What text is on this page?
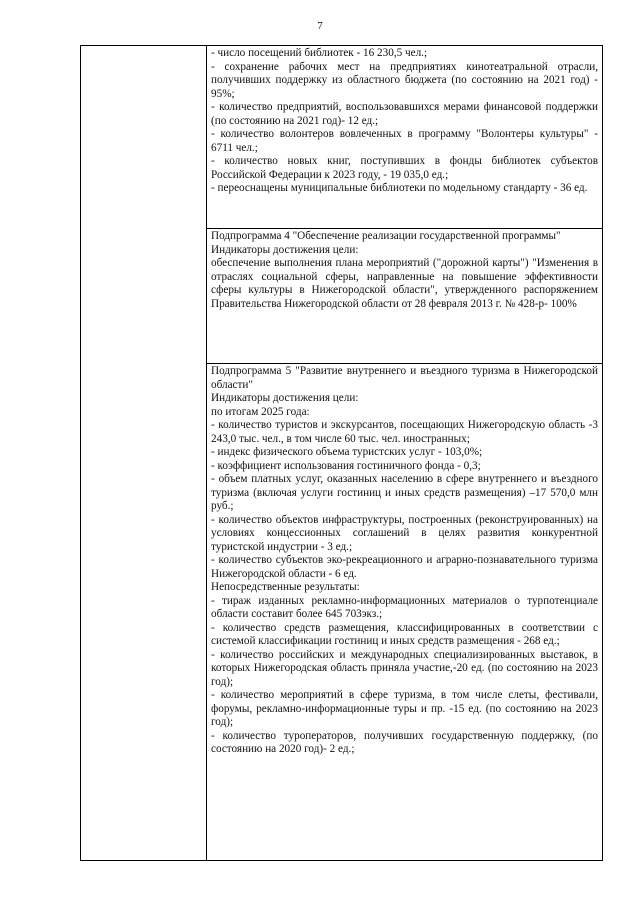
7

- число посещений библиотек - 16 230,5 чел.;
- сохранение рабочих мест на предприятиях кинотеатральной отрасли, получивших поддержку из областного бюджета (по состоянию на 2021 год) - 95%;
- количество предприятий, воспользовавшихся мерами финансовой поддержки (по состоянию на 2021 год)- 12 ед.;
- количество волонтеров вовлеченных в программу "Волонтеры культуры" - 6711 чел.;
- количество новых книг, поступивших в фонды библиотек субъектов Российской Федерации к 2023 году, - 19 035,0 ед.;
- переоснащены муниципальные библиотеки по модельному стандарту - 36 ед.

Подпрограмма 4 "Обеспечение реализации государственной программы"
Индикаторы достижения цели:
обеспечение выполнения плана мероприятий ("дорожной карты") "Изменения в отраслях социальной сферы, направленные на повышение эффективности сферы культуры в Нижегородской области", утвержденного распоряжением Правительства Нижегородской области от 28 февраля 2013 г. № 428-р- 100%

Подпрограмма 5 "Развитие внутреннего и въездного туризма в Нижегородской области"
Индикаторы достижения цели:
по итогам 2025 года:
- количество туристов и экскурсантов, посещающих Нижегородскую область -3 243,0 тыс. чел., в том числе 60 тыс. чел. иностранных;
- индекс физического объема туристских услуг - 103,0%;
- коэффициент использования гостиничного фонда - 0,3;
- объем платных услуг, оказанных населению в сфере внутреннего и въездного туризма (включая услуги гостиниц и иных средств размещения) –17 570,0 млн руб.;
- количество объектов инфраструктуры, построенных (реконструированных) на условиях концессионных соглашений в целях развития конкурентной туристской индустрии - 3 ед.;
- количество субъектов эко-рекреационного и аграрно-познавательного туризма Нижегородской области - 6 ед.
Непосредственные результаты:
- тираж изданных рекламно-информационных материалов о турпотенциале области составит более 645 703экз.;
- количество средств размещения, классифицированных в соответствии с системой классификации гостиниц и иных средств размещения - 268 ед.;
- количество российских и международных специализированных выставок, в которых Нижегородская область приняла участие,-20 ед. (по состоянию на 2023 год);
- количество мероприятий в сфере туризма, в том числе слеты, фестивали, форумы, рекламно-информационные туры и пр. -15 ед. (по состоянию на 2023 год);
- количество туроператоров, получивших государственную поддержку, (по состоянию на 2020 год)- 2 ед.;
